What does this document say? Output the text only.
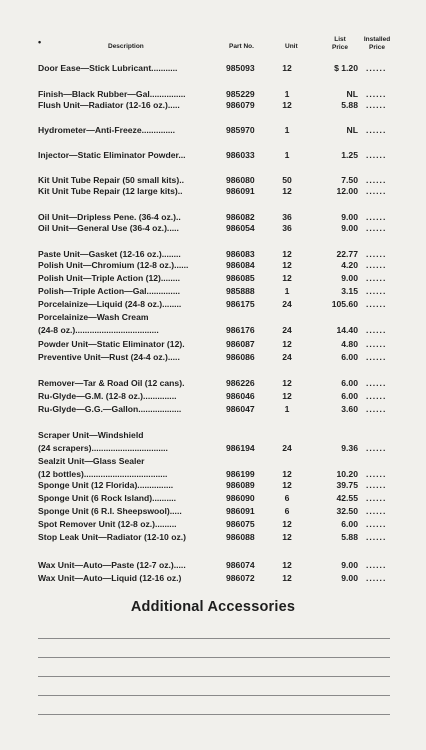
•	Description	Part No.	Unit
List Price
Installed Price
Door Ease—Stick Lubricant...........	985093	12	$ 1.20 ......
Finish—Black Rubber—Gal...............	985229	1	NL ......
Flush Unit—Radiator (12-16 oz.).....	986079	12	5.88 ......
Hydrometer—Anti-Freeze..............	985970	1	NL ......
Injector—Static Eliminator Powder...	986033	1	1.25 ......
Kit Unit Tube Repair (50 small kits)..	986080	50	7.50 ......
Kit Unit Tube Repair (12 large kits)..	986091	12	12.00 ......
Oil Unit—Dripless Pene. (36-4 oz.)..	986082	36	9.00 ......
Oil Unit—General Use (36-4 oz.).....	986054	36	9.00 ......
Paste Unit—Gasket (12-16 oz.)........	986083	12	22.77 ......
Polish Unit—Chromium (12-8 oz.)......	986084	12	4.20 ......
Polish Unit—Triple Action (12)........	986085	12	9.00 ......
Polish—Triple Action—Gal..............	985888	1	3.15 ......
Porcelainize—Liquid (24-8 oz.)........	986175	24	105.60 ......
Porcelainize—Wash Cream
(24-8 oz.)...................................	986176	24	14.40 ......
Powder Unit—Static Eliminator (12).	986087	12	4.80 ......
Preventive Unit—Rust (24-4 oz.).....	986086	24	6.00 ......
Remover—Tar & Road Oil (12 cans).	986226	12	6.00 ......
Ru-Glyde—G.M. (12-8 oz.)..............	986046	12	6.00 ......
Ru-Glyde—G.G.—Gallon..................	986047	1	3.60 ......
Scraper Unit—Windshield
(24 scrapers)................................	986194	24	9.36 ......
Sealzit Unit—Glass Sealer
(12 bottles)...................................	986199	12	10.20 ......
Sponge Unit (12 Florida)...............	986089	12	39.75 ......
Sponge Unit (6 Rock Island)..........	986090	6	42.55 ......
Sponge Unit (6 R.I. Sheepswool).....	986091	6	32.50 ......
Spot Remover Unit (12-8 oz.).........	986075	12	6.00 ......
Stop Leak Unit—Radiator (12-10 oz.)	986088	12	5.88 ......
Wax Unit—Auto—Paste (12-7 oz.).....	986074	12	9.00 ......
Wax Unit—Auto—Liquid (12-16 oz.)	986072	12	9.00 ......
Additional Accessories
